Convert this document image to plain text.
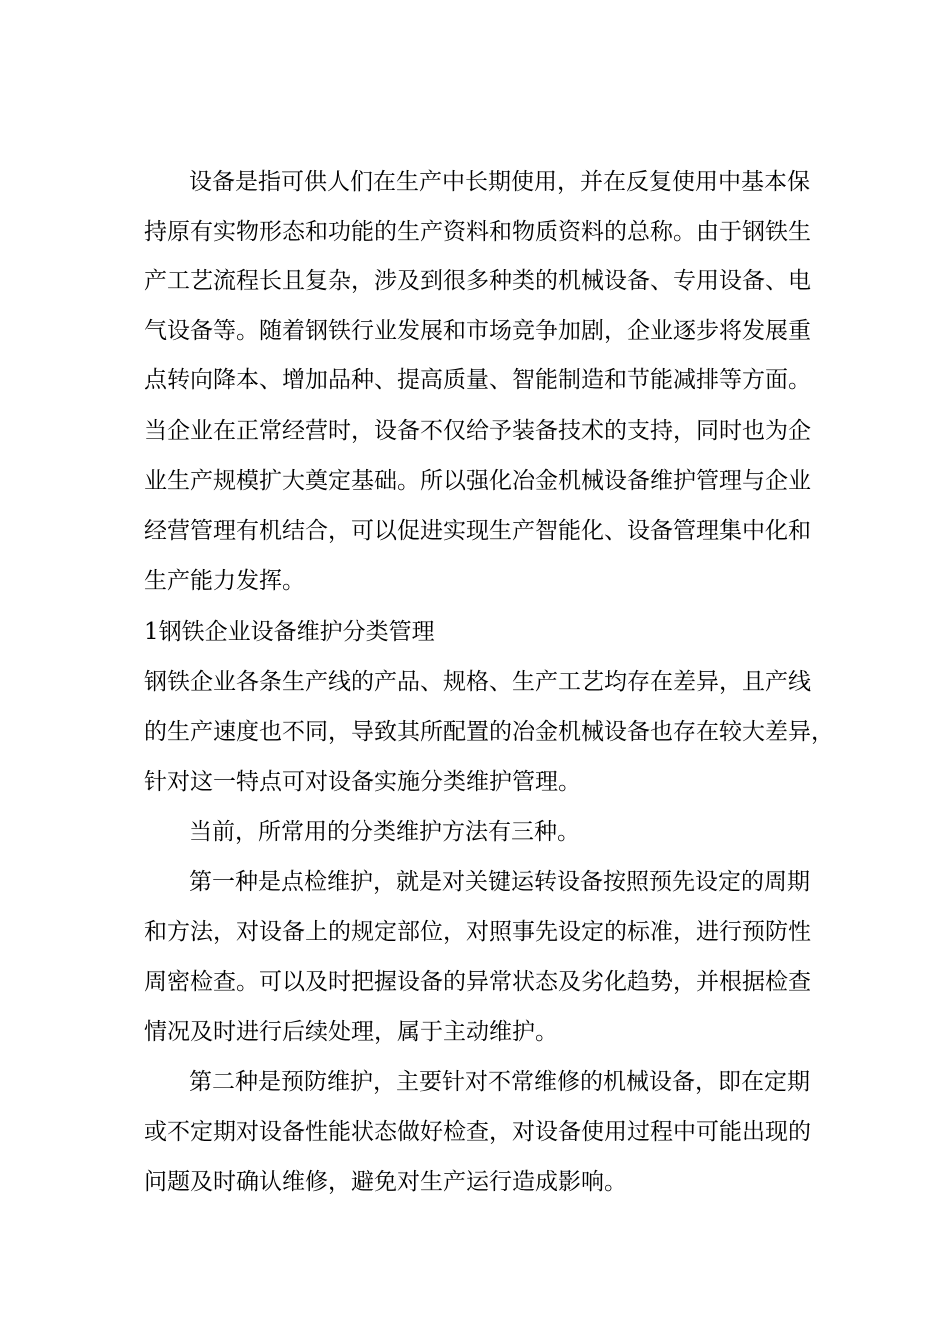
设备是指可供人们在生产中长期使用，并在反复使用中基本保
持原有实物形态和功能的生产资料和物质资料的总称。由于钢铁生
产工艺流程长且复杂，涉及到很多种类的机械设备、专用设备、电
气设备等。随着钢铁行业发展和市场竞争加剧，企业逐步将发展重
点转向降本、增加品种、提高质量、智能制造和节能减排等方面。
当企业在正常经营时，设备不仅给予装备技术的支持，同时也为企
业生产规模扩大奠定基础。所以强化冶金机械设备维护管理与企业
经营管理有机结合，可以促进实现生产智能化、设备管理集中化和
生产能力发挥。
1钢铁企业设备维护分类管理
钢铁企业各条生产线的产品、规格、生产工艺均存在差异，且产线
的生产速度也不同，导致其所配置的冶金机械设备也存在较大差异，
针对这一特点可对设备实施分类维护管理。
当前，所常用的分类维护方法有三种。
第一种是点检维护，就是对关键运转设备按照预先设定的周期
和方法，对设备上的规定部位，对照事先设定的标准，进行预防性
周密检查。可以及时把握设备的异常状态及劣化趋势，并根据检查
情况及时进行后续处理，属于主动维护。
第二种是预防维护，主要针对不常维修的机械设备，即在定期
或不定期对设备性能状态做好检查，对设备使用过程中可能出现的
问题及时确认维修，避免对生产运行造成影响。
